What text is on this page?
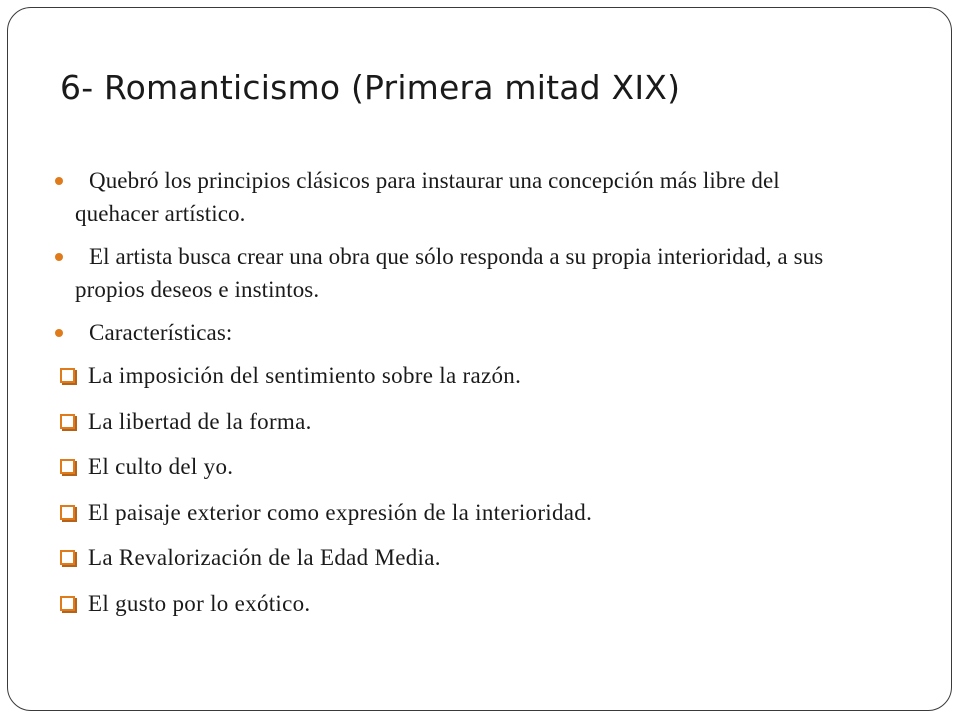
6- Romanticismo (Primera mitad XIX)
Quebró los principios clásicos para instaurar una concepción más libre del quehacer artístico.
El artista busca crear una obra que sólo responda a su propia interioridad, a sus propios deseos e instintos.
Características:
La imposición del sentimiento sobre la razón.
La libertad de la forma.
El culto del yo.
El paisaje exterior como expresión de la interioridad.
La Revalorización de la Edad Media.
El gusto por lo exótico.
